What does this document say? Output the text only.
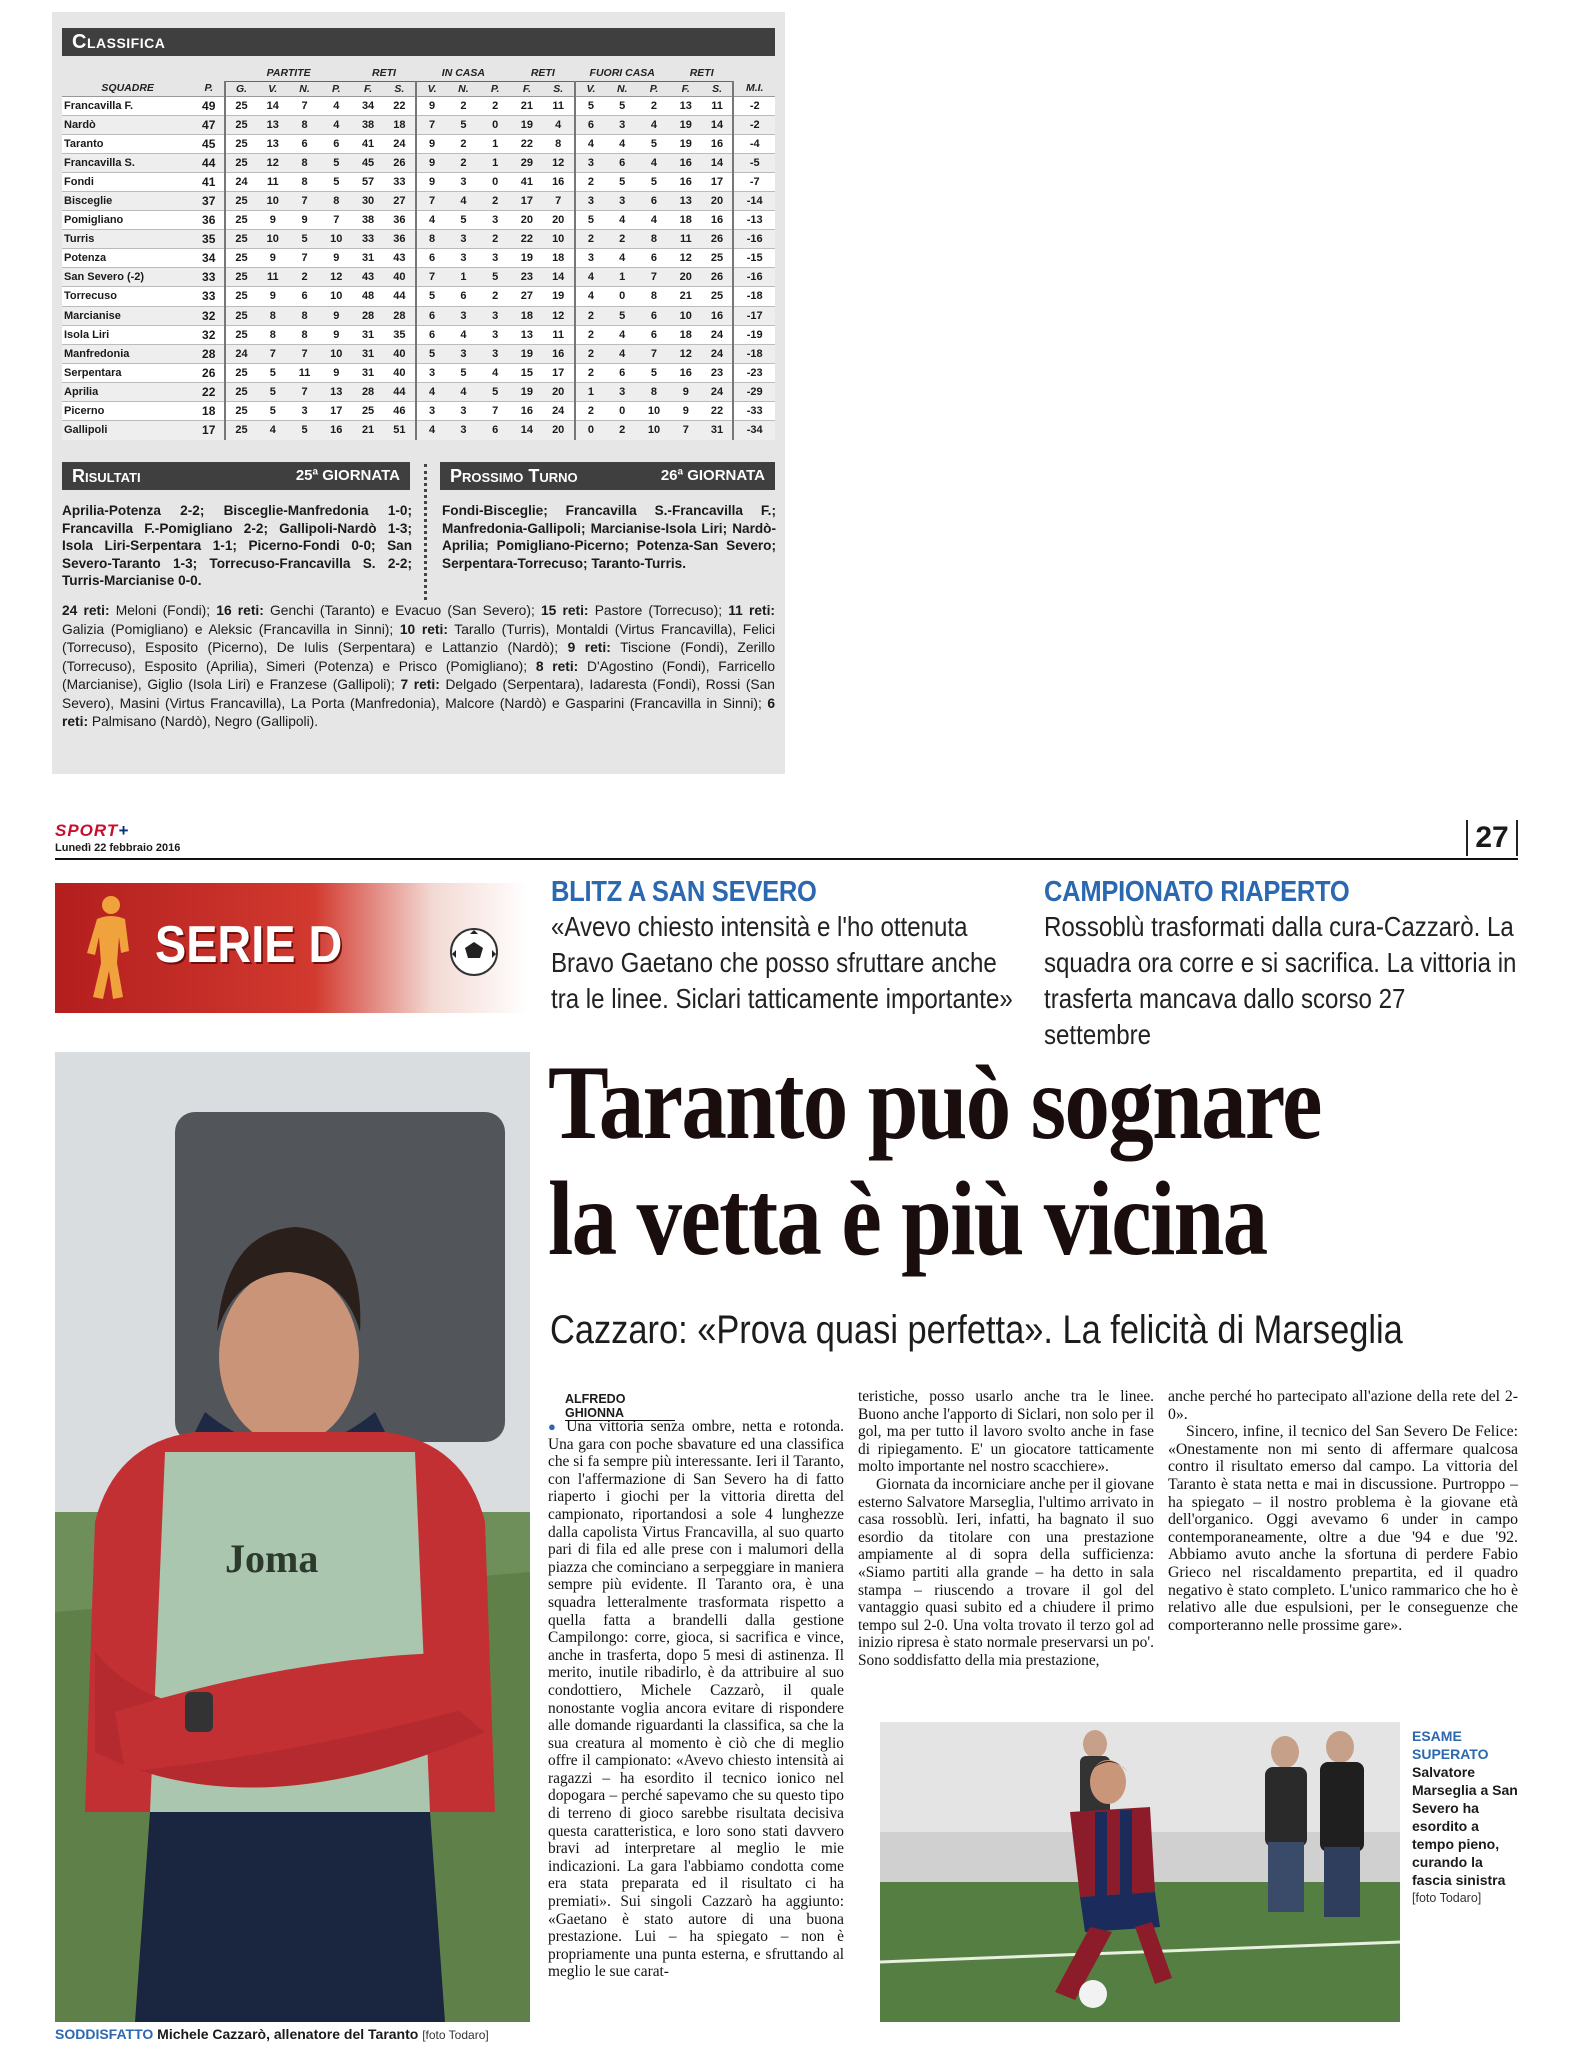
Classifica
		PARTITE				RETI		IN CASA			RETI		FUORI CASA			RETI		
SQUADRE	P.	G.	V.	N.	P.	F.	S.	V.	N.	P.	F.	S.	V.	N.	P.	F.	S.	M.I.
Francavilla F.	49	25	14	7	4	34	22	9	2	2	21	11	5	5	2	13	11	-2
Nardò	47	25	13	8	4	38	18	7	5	0	19	4	6	3	4	19	14	-2
Taranto	45	25	13	6	6	41	24	9	2	1	22	8	4	4	5	19	16	-4
Francavilla S.	44	25	12	8	5	45	26	9	2	1	29	12	3	6	4	16	14	-5
Fondi	41	24	11	8	5	57	33	9	3	0	41	16	2	5	5	16	17	-7
Bisceglie	37	25	10	7	8	30	27	7	4	2	17	7	3	3	6	13	20	-14
Pomigliano	36	25	9	9	7	38	36	4	5	3	20	20	5	4	4	18	16	-13
Turris	35	25	10	5	10	33	36	8	3	2	22	10	2	2	8	11	26	-16
Potenza	34	25	9	7	9	31	43	6	3	3	19	18	3	4	6	12	25	-15
San Severo (-2)	33	25	11	2	12	43	40	7	1	5	23	14	4	1	7	20	26	-16
Torrecuso	33	25	9	6	10	48	44	5	6	2	27	19	4	0	8	21	25	-18
Marcianise	32	25	8	8	9	28	28	6	3	3	18	12	2	5	6	10	16	-17
Isola Liri	32	25	8	8	9	31	35	6	4	3	13	11	2	4	6	18	24	-19
Manfredonia	28	24	7	7	10	31	40	5	3	3	19	16	2	4	7	12	24	-18
Serpentara	26	25	5	11	9	31	40	3	5	4	15	17	2	6	5	16	23	-23
Aprilia	22	25	5	7	13	28	44	4	4	5	19	20	1	3	8	9	24	-29
Picerno	18	25	5	3	17	25	46	3	3	7	16	24	2	0	10	9	22	-33
Gallipoli	17	25	4	5	16	21	51	4	3	6	14	20	0	2	10	7	31	-34
Risultati	25ª GIORNATA	Prossimo Turno	26ª GIORNATA
Aprilia-Potenza 2-2; Bisceglie-Manfredonia 1-0; Francavilla F.-Pomigliano 2-2; Gallipoli-Nardò 1-3; Isola Liri-Serpentara 1-1; Picerno-Fondi 0-0; San Severo-Taranto 1-3; Torrecuso-Francavilla S. 2-2; Turris-Marcianise 0-0.
Fondi-Bisceglie; Francavilla S.-Francavilla F.; Manfredonia-Gallipoli; Marcianise-Isola Liri; Nardò-Aprilia; Pomigliano-Picerno; Potenza-San Severo; Serpentara-Torrecuso; Taranto-Turris.
24 reti: Meloni (Fondi); 16 reti: Genchi (Taranto) e Evacuo (San Severo); 15 reti: Pastore (Torrecuso); 11 reti: Galizia (Pomigliano) e Aleksic (Francavilla in Sinni); 10 reti: Tarallo (Turris), Montaldi (Virtus Francavilla), Felici (Torrecuso), Esposito (Picerno), De Iulis (Serpentara) e Lattanzio (Nardò); 9 reti: Tiscione (Fondi), Zerillo (Torrecuso), Esposito (Aprilia), Simeri (Potenza) e Prisco (Pomigliano); 8 reti: D'Agostino (Fondi), Farricello (Marcianise), Giglio (Isola Liri) e Franzese (Gallipoli); 7 reti: Delgado (Serpentara), Iadaresta (Fondi), Rossi (San Severo), Masini (Virtus Francavilla), La Porta (Manfredonia), Malcore (Nardò) e Gasparini (Francavilla in Sinni); 6 reti: Palmisano (Nardò), Negro (Gallipoli).
SPORT+
Lunedì 22 febbraio 2016	27
SERIE D
BLITZ A SAN SEVERO

«Avevo chiesto intensità e l'ho ottenuta Bravo Gaetano che posso sfruttare anche tra le linee. Siclari tatticamente importante»

CAMPIONATO RIAPERTO

Rossoblù trasformati dalla cura-Cazzarò. La squadra ora corre e si sacrifica. La vittoria in trasferta mancava dallo scorso 27 settembre

Taranto può sognare
la vetta è più vicina
Cazzaro: «Prova quasi perfetta». La felicità di Marseglia
Joma
SODDISFATTO Michele Cazzarò, allenatore del Taranto [foto Todaro]
ALFREDO GHIONNA

● Una vittoria senza ombre, netta e rotonda. Una gara con poche sbavature ed una classifica che si fa sempre più interessante. Ieri il Taranto, con l'affermazione di San Severo ha di fatto riaperto i giochi per la vittoria diretta del campionato, riportandosi a sole 4 lunghezze dalla capolista Virtus Francavilla, al suo quarto pari di fila ed alle prese con i malumori della piazza che cominciano a serpeggiare in maniera sempre più evidente. Il Taranto ora, è una squadra letteralmente trasformata rispetto a quella fatta a brandelli dalla gestione Campilongo: corre, gioca, si sacrifica e vince, anche in trasferta, dopo 5 mesi di astinenza. Il merito, inutile ribadirlo, è da attribuire al suo condottiero, Michele Cazzarò, il quale nonostante voglia ancora evitare di rispondere alle domande riguardanti la classifica, sa che la sua creatura al momento è ciò che di meglio offre il campionato: «Avevo chiesto intensità ai ragazzi – ha esordito il tecnico ionico nel dopogara – perché sapevamo che su questo tipo di terreno di gioco sarebbe risultata decisiva questa caratteristica, e loro sono stati davvero bravi ad interpretare al meglio le mie indicazioni. La gara l'abbiamo condotta come era stata preparata ed il risultato ci ha premiati». Sui singoli Cazzarò ha aggiunto: «Gaetano è stato autore di una buona prestazione. Lui – ha spiegato – non è propriamente una punta esterna, e sfruttando al meglio le sue carat-

teristiche, posso usarlo anche tra le linee. Buono anche l'apporto di Siclari, non solo per il gol, ma per tutto il lavoro svolto anche in fase di ripiegamento. E' un giocatore tatticamente molto importante nel nostro scacchiere».

Giornata da incorniciare anche per il giovane esterno Salvatore Marseglia, l'ultimo arrivato in casa rossoblù. Ieri, infatti, ha bagnato il suo esordio da titolare con una prestazione ampiamente al di sopra della sufficienza: «Siamo partiti alla grande – ha detto in sala stampa – riuscendo a trovare il gol del vantaggio quasi subito ed a chiudere il primo tempo sul 2-0. Una volta trovato il terzo gol ad inizio ripresa è stato normale preservarsi un po'. Sono soddisfatto della mia prestazione,

anche perché ho partecipato all'azione della rete del 2-0».

Sincero, infine, il tecnico del San Severo De Felice: «Onestamente non mi sento di affermare qualcosa contro il risultato emerso dal campo. La vittoria del Taranto è stata netta e mai in discussione. Purtroppo – ha spiegato – il nostro problema è la giovane età dell'organico. Oggi avevamo 6 under in campo contemporaneamente, oltre a due '94 e due '92. Abbiamo avuto anche la sfortuna di perdere Fabio Grieco nel riscaldamento prepartita, ed il quadro negativo è stato completo. L'unico rammarico che ho è relativo alle due espulsioni, per le conseguenze che comporteranno nelle prossime gare».

ESAME
SUPERATO
Salvatore Marseglia a San Severo ha esordito a tempo pieno, curando la fascia sinistra
[foto Todaro]
